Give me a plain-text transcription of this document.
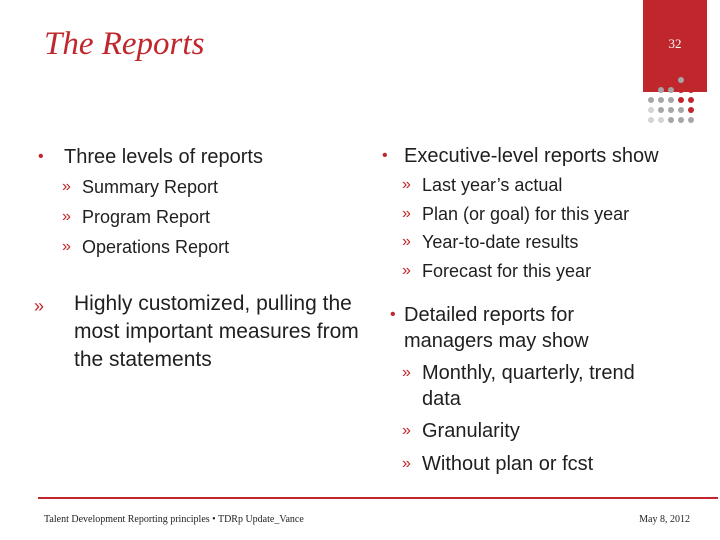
The Reports	32
• Three levels of reports
» Summary Report
» Program Report
» Operations Report
» Highly customized, pulling the most important measures from the statements
• Executive-level reports show
» Last year’s actual
» Plan (or goal) for this year
» Year-to-date results
» Forecast for this year
• Detailed reports for managers may show
» Monthly, quarterly, trend data
» Granularity
» Without plan or fcst
Talent Development Reporting principles • TDRp Update_Vance	May 8, 2012
